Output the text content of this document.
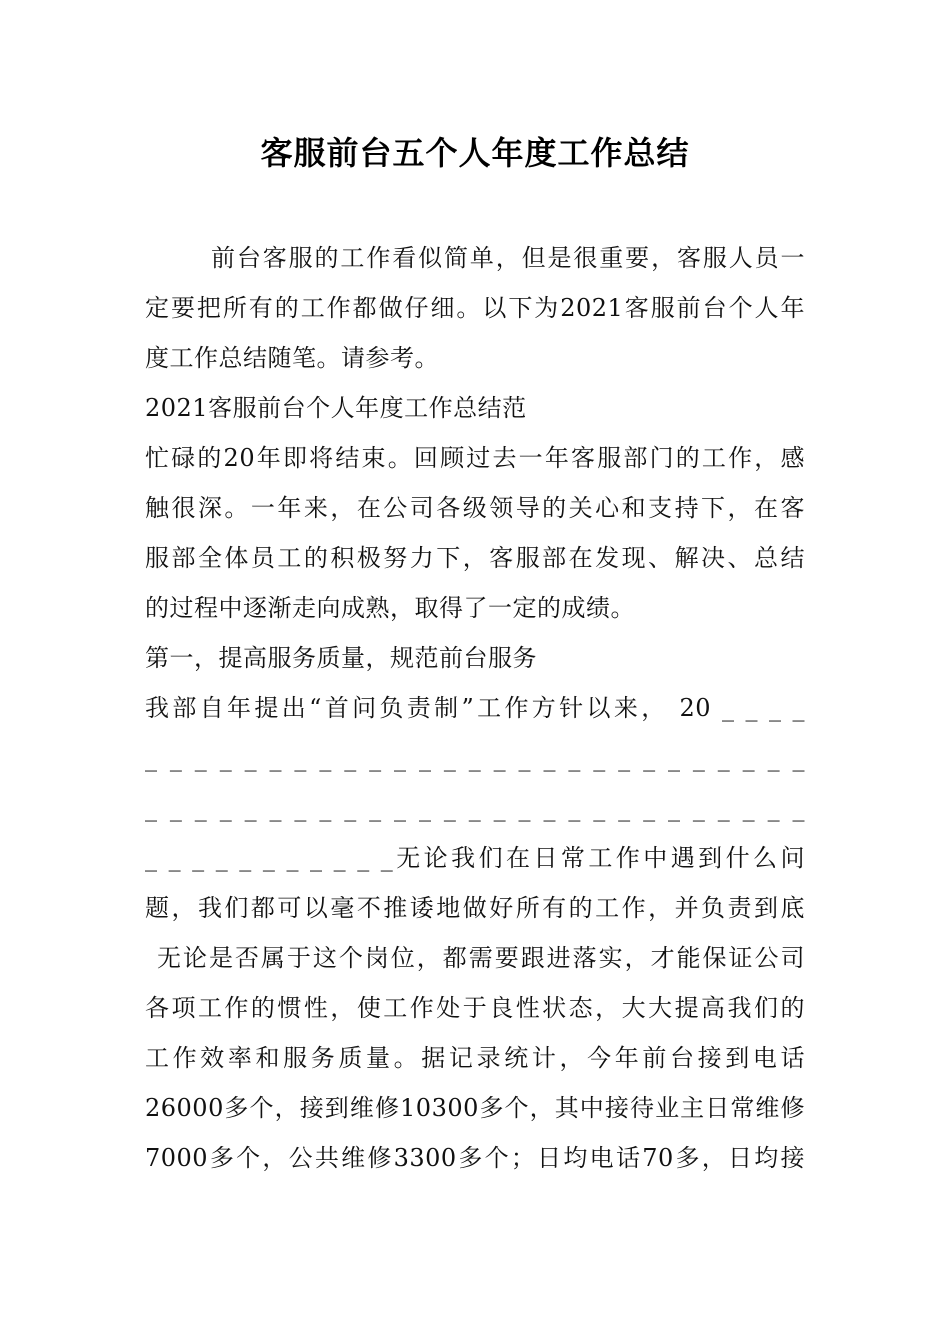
客服前台五个人年度工作总结
前台客服的工作看似简单，但是很重要，客服人员一
定要把所有的工作都做仔细。以下为2021客服前台个人年
度工作总结随笔。请参考。
2021客服前台个人年度工作总结范
忙碌的20年即将结束。回顾过去一年客服部门的工作，感
触很深。一年来，在公司各级领导的关心和支持下，在客
服部全体员工的积极努力下，客服部在发现、解决、总结
的过程中逐渐走向成熟，取得了一定的成绩。
第一，提高服务质量，规范前台服务
我部自年提出“首问负责制”工作方针以来， 20 _ _ _ _
_ _ _ _ _ _ _ _ _ _ _ _ _ _ _ _ _ _ _ _ _ _ _ _ _ _ _
_ _ _ _ _ _ _ _ _ _ _ _ _ _ _ _ _ _ _ _ _ _ _ _ _ _ _
_ _ _ _ _ _ _ _ _ _ _无论我们在日常工作中遇到什么问
题，我们都可以毫不推诿地做好所有的工作，并负责到底
无论是否属于这个岗位，都需要跟进落实，才能保证公司
各项工作的惯性，使工作处于良性状态，大大提高我们的
工作效率和服务质量。据记录统计，今年前台接到电话
26000多个，接到维修10300多个，其中接待业主日常维修
7000多个，公共维修3300多个；日均电话70多，日均接
